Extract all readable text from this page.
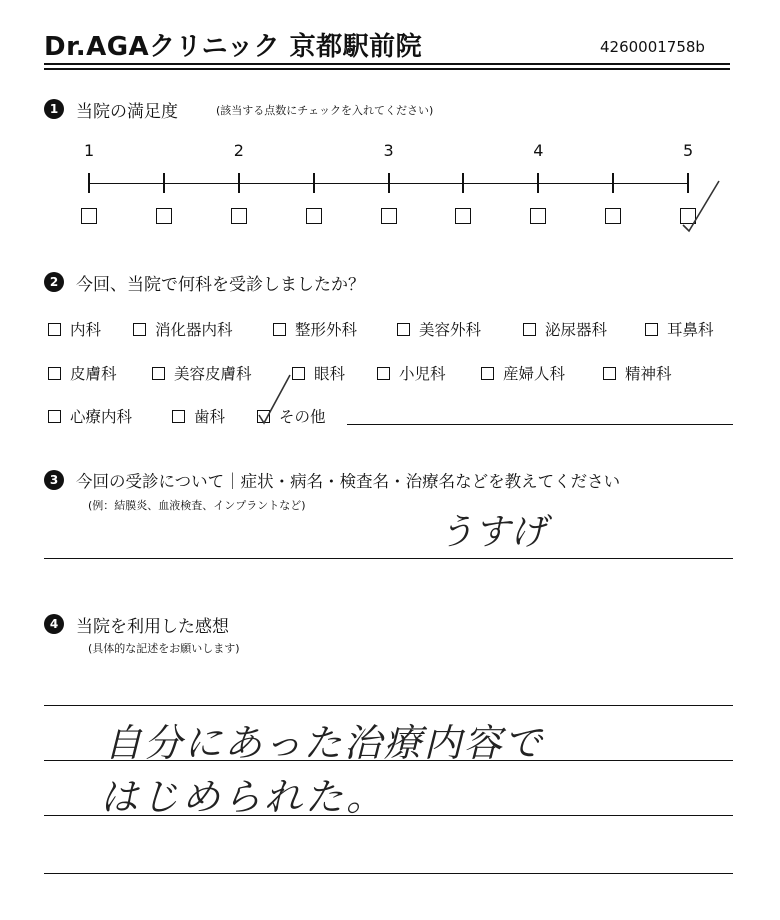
Dr.AGAクリニック 京都駅前院	4260001758b
1	当院の満足度	(該当する点数にチェックを入れてください)
1	2	3	4	5
2	今回、当院で何科を受診しましたか？
内科	消化器内科	整形外科	美容外科	泌尿器科	耳鼻科
皮膚科	美容皮膚科	眼科	小児科	産婦人科	精神科
心療内科	歯科	その他
3	今回の受診について｜症状・病名・検査名・治療名などを教えてください
(例：結膜炎、血液検査、インプラントなど)
うすげ
4	当院を利用した感想
(具体的な記述をお願いします)
自分にあった治療内容で
はじめられた。
